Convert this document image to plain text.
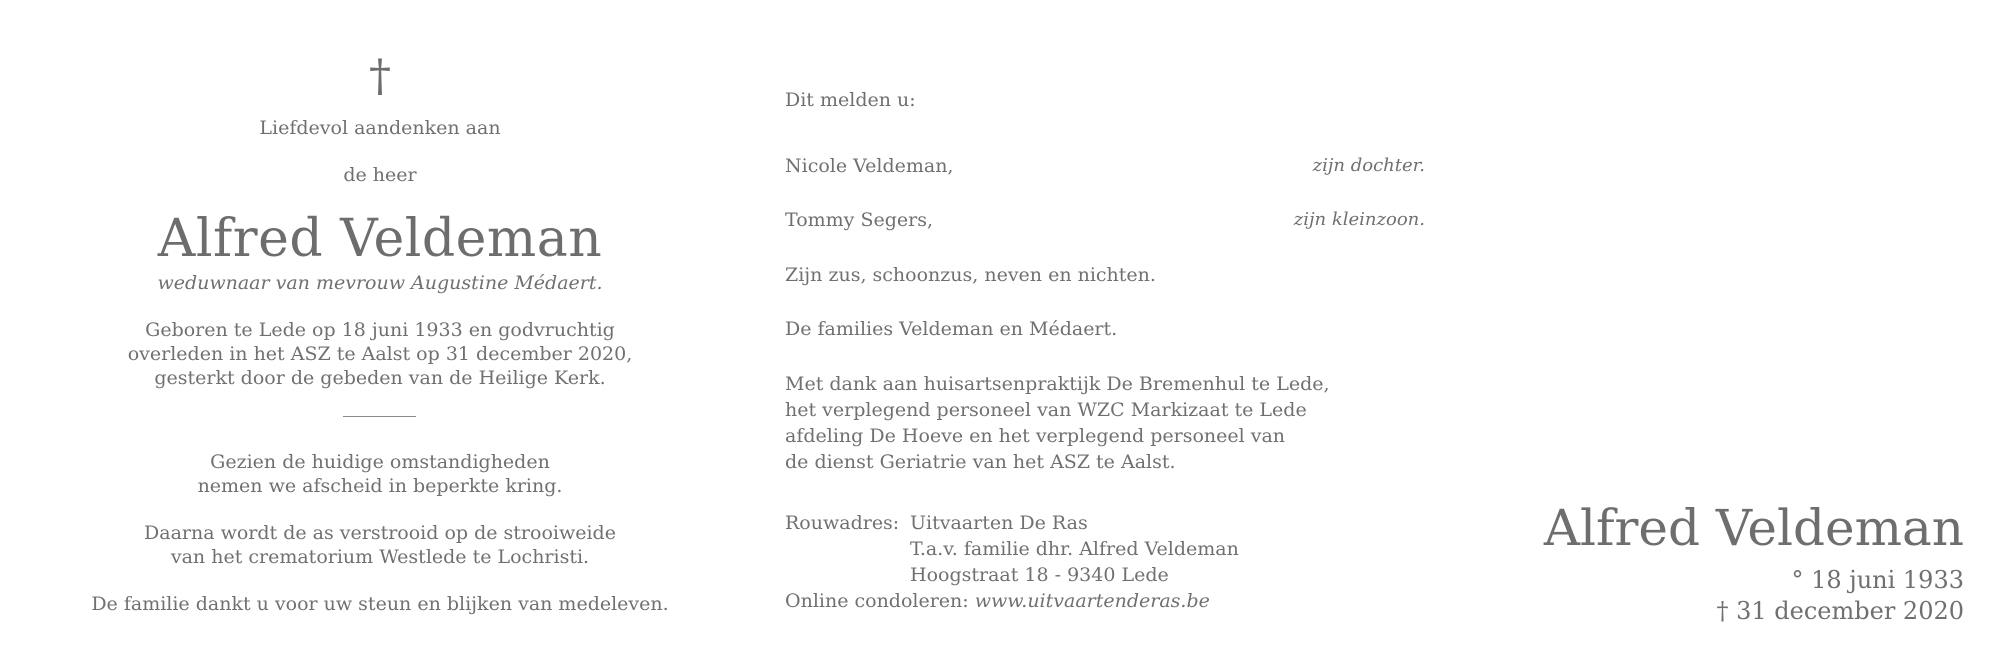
†
Liefdevol aandenken aan
de heer
Alfred Veldeman
weduwnaar van mevrouw Augustine Médaert.
Geboren te Lede op 18 juni 1933 en godvruchtig
overleden in het ASZ te Aalst op 31 december 2020,
gesterkt door de gebeden van de Heilige Kerk.
Gezien de huidige omstandigheden
nemen we afscheid in beperkte kring.
Daarna wordt de as verstrooid op de strooiweide
van het crematorium Westlede te Lochristi.
De familie dankt u voor uw steun en blijken van medeleven.
Dit melden u:
Nicole Veldeman,	zijn dochter.
Tommy Segers,	zijn kleinzoon.
Zijn zus, schoonzus, neven en nichten.
De families Veldeman en Médaert.
Met dank aan huisartsenpraktijk De Bremenhul te Lede,
het verplegend personeel van WZC Markizaat te Lede
afdeling De Hoeve en het verplegend personeel van
de dienst Geriatrie van het ASZ te Aalst.
Rouwadres: Uitvaarten De Ras
T.a.v. familie dhr. Alfred Veldeman
Hoogstraat 18 - 9340 Lede
Online condoleren: www.uitvaartenderas.be
Alfred Veldeman
° 18 juni 1933
† 31 december 2020
